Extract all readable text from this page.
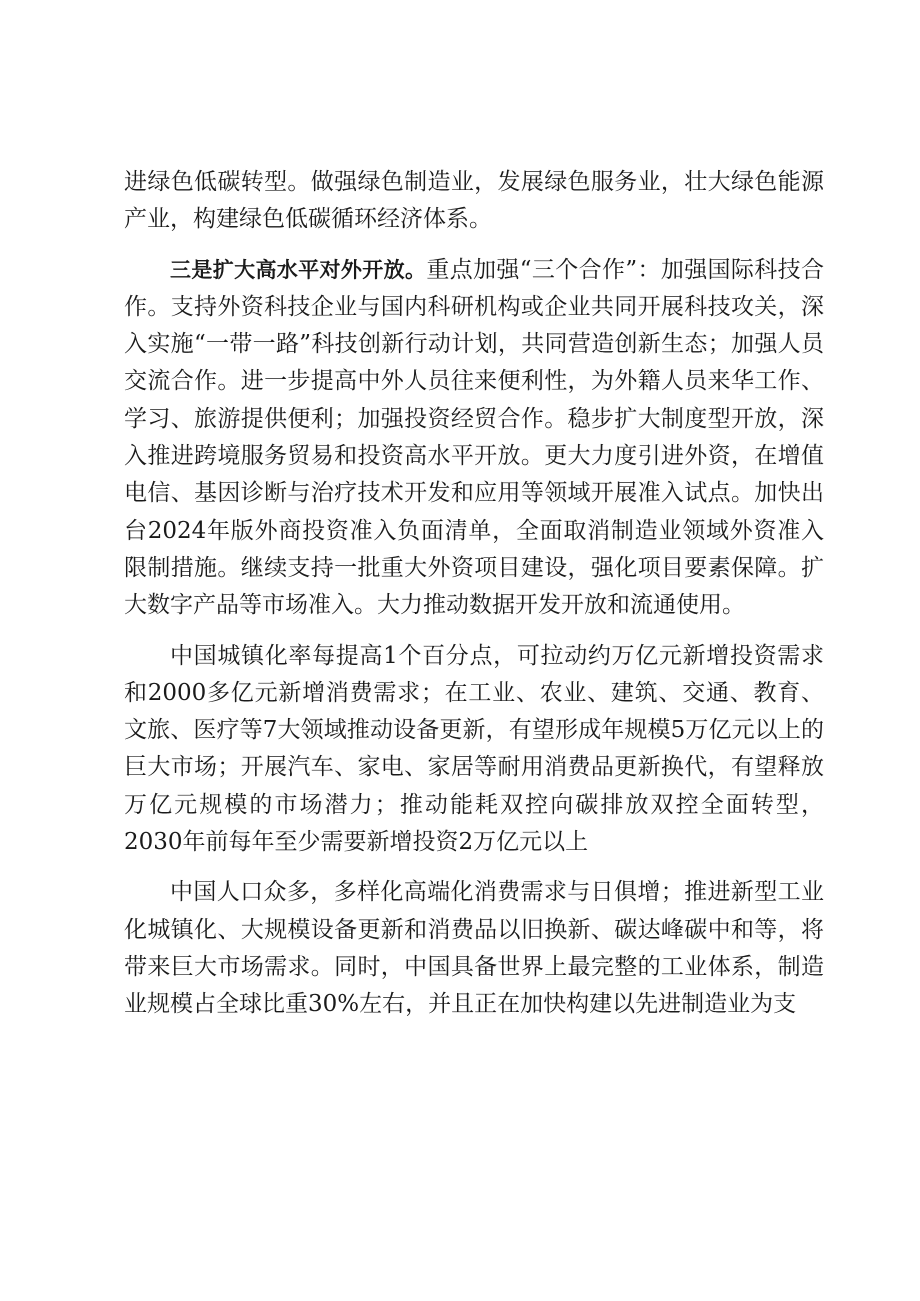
进绿色低碳转型。做强绿色制造业，发展绿色服务业，壮大绿色能源产业，构建绿色低碳循环经济体系。

三是扩大高水平对外开放。重点加强“三个合作”：加强国际科技合作。支持外资科技企业与国内科研机构或企业共同开展科技攻关，深入实施“一带一路”科技创新行动计划，共同营造创新生态；加强人员交流合作。进一步提高中外人员往来便利性，为外籍人员来华工作、学习、旅游提供便利；加强投资经贸合作。稳步扩大制度型开放，深入推进跨境服务贸易和投资高水平开放。更大力度引进外资，在增值电信、基因诊断与治疗技术开发和应用等领域开展准入试点。加快出台2024年版外商投资准入负面清单，全面取消制造业领域外资准入限制措施。继续支持一批重大外资项目建设，强化项目要素保障。扩大数字产品等市场准入。大力推动数据开发开放和流通使用。

中国城镇化率每提高1个百分点，可拉动约万亿元新增投资需求和2000多亿元新增消费需求；在工业、农业、建筑、交通、教育、文旅、医疗等7大领域推动设备更新，有望形成年规模5万亿元以上的巨大市场；开展汽车、家电、家居等耐用消费品更新换代，有望释放万亿元规模的市场潜力；推动能耗双控向碳排放双控全面转型，2030年前每年至少需要新增投资2万亿元以上

中国人口众多，多样化高端化消费需求与日俱增；推进新型工业化城镇化、大规模设备更新和消费品以旧换新、碳达峰碳中和等，将带来巨大市场需求。同时，中国具备世界上最完整的工业体系，制造业规模占全球比重30%左右，并且正在加快构建以先进制造业为支
